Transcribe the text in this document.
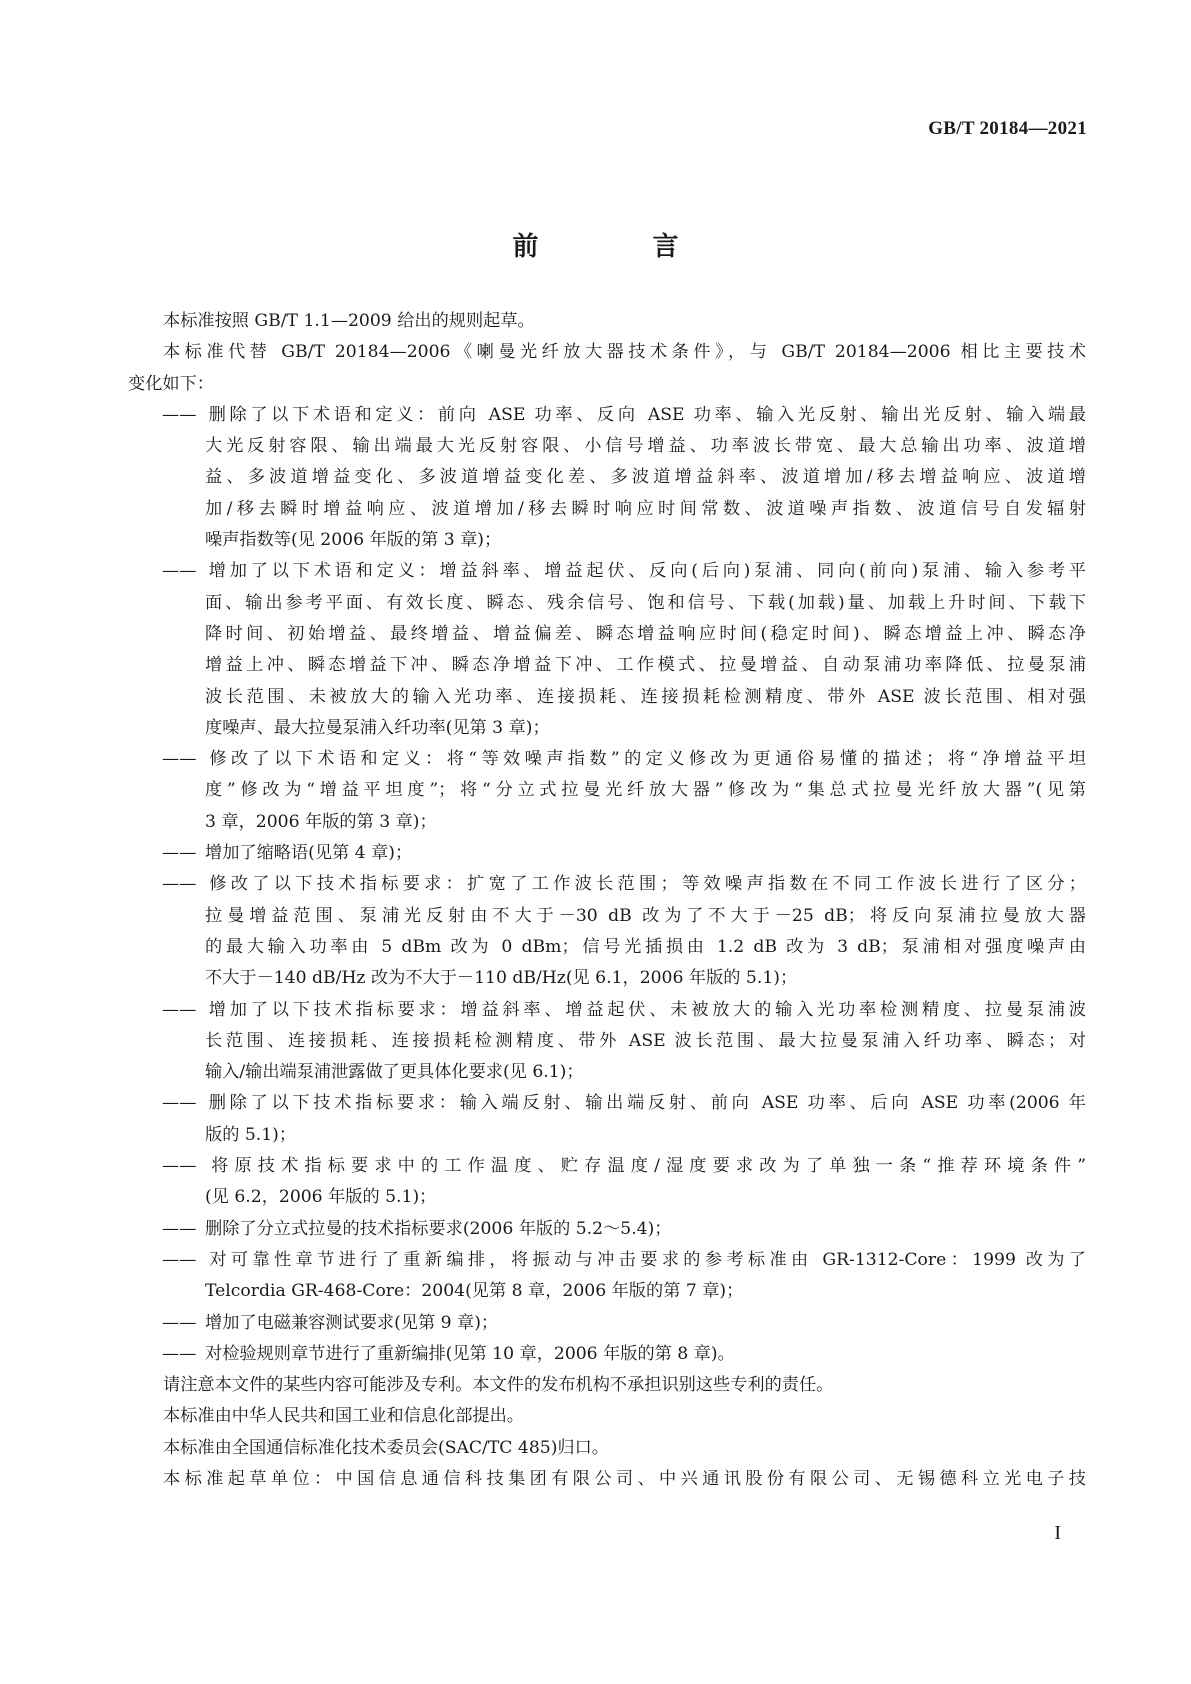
GB/T 20184—2021
前　言
本标准按照 GB/T 1.1—2009 给出的规则起草。
本标准代替 GB/T 20184—2006《喇曼光纤放大器技术条件》，与 GB/T 20184—2006 相比主要技术
变化如下：
—— 删除了以下术语和定义：前向 ASE 功率、反向 ASE 功率、输入光反射、输出光反射、输入端最
大光反射容限、输出端最大光反射容限、小信号增益、功率波长带宽、最大总输出功率、波道增
益、多波道增益变化、多波道增益变化差、多波道增益斜率、波道增加/移去增益响应、波道增
加/移去瞬时增益响应、波道增加/移去瞬时响应时间常数、波道噪声指数、波道信号自发辐射
噪声指数等(见 2006 年版的第 3 章)；
—— 增加了以下术语和定义：增益斜率、增益起伏、反向(后向)泵浦、同向(前向)泵浦、输入参考平
面、输出参考平面、有效长度、瞬态、残余信号、饱和信号、下载(加载)量、加载上升时间、下载下
降时间、初始增益、最终增益、增益偏差、瞬态增益响应时间(稳定时间)、瞬态增益上冲、瞬态净
增益上冲、瞬态增益下冲、瞬态净增益下冲、工作模式、拉曼增益、自动泵浦功率降低、拉曼泵浦
波长范围、未被放大的输入光功率、连接损耗、连接损耗检测精度、带外 ASE 波长范围、相对强
度噪声、最大拉曼泵浦入纤功率(见第 3 章)；
—— 修改了以下术语和定义：将“等效噪声指数”的定义修改为更通俗易懂的描述；将“净增益平坦
度”修改为“增益平坦度”；将“分立式拉曼光纤放大器”修改为“集总式拉曼光纤放大器”(见第
3 章，2006 年版的第 3 章)；
—— 增加了缩略语(见第 4 章)；
—— 修改了以下技术指标要求：扩宽了工作波长范围；等效噪声指数在不同工作波长进行了区分；
拉曼增益范围、泵浦光反射由不大于－30 dB 改为了不大于－25 dB；将反向泵浦拉曼放大器
的最大输入功率由 5 dBm 改为 0 dBm；信号光插损由 1.2 dB 改为 3 dB；泵浦相对强度噪声由
不大于－140 dB/Hz 改为不大于－110 dB/Hz(见 6.1，2006 年版的 5.1)；
—— 增加了以下技术指标要求：增益斜率、增益起伏、未被放大的输入光功率检测精度、拉曼泵浦波
长范围、连接损耗、连接损耗检测精度、带外 ASE 波长范围、最大拉曼泵浦入纤功率、瞬态；对
输入/输出端泵浦泄露做了更具体化要求(见 6.1)；
—— 删除了以下技术指标要求：输入端反射、输出端反射、前向 ASE 功率、后向 ASE 功率(2006 年
版的 5.1)；
—— 将原技术指标要求中的工作温度、贮存温度/湿度要求改为了单独一条“推荐环境条件”
(见 6.2，2006 年版的 5.1)；
—— 删除了分立式拉曼的技术指标要求(2006 年版的 5.2～5.4)；
—— 对可靠性章节进行了重新编排，将振动与冲击要求的参考标准由 GR-1312-Core：1999 改为了
Telcordia GR-468-Core：2004(见第 8 章，2006 年版的第 7 章)；
—— 增加了电磁兼容测试要求(见第 9 章)；
—— 对检验规则章节进行了重新编排(见第 10 章，2006 年版的第 8 章)。
请注意本文件的某些内容可能涉及专利。本文件的发布机构不承担识别这些专利的责任。
本标准由中华人民共和国工业和信息化部提出。
本标准由全国通信标准化技术委员会(SAC/TC 485)归口。
本标准起草单位：中国信息通信科技集团有限公司、中兴通讯股份有限公司、无锡德科立光电子技
I
